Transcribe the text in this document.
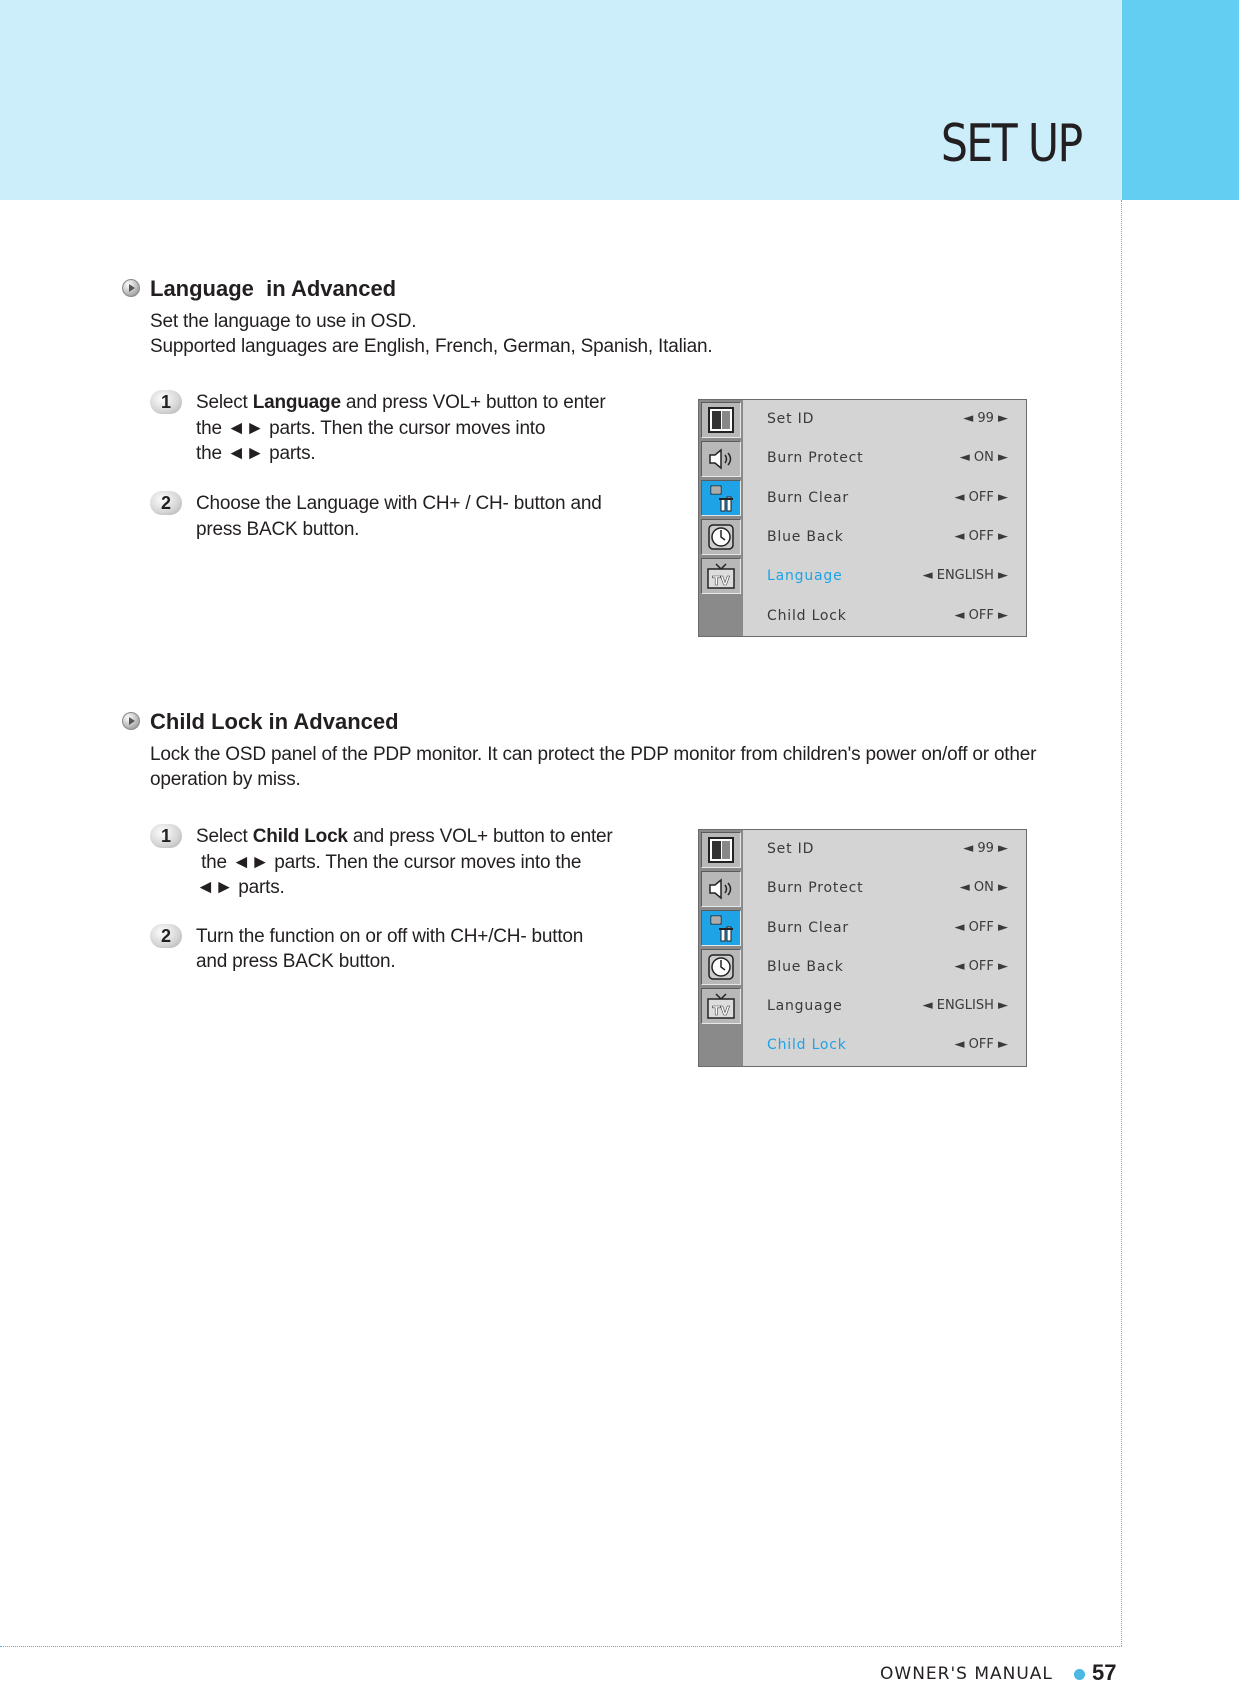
SET UP
Language  in Advanced
Set the language to use in OSD.
Supported languages are English, French, German, Spanish, Italian.
1	Select Language and press VOL+ button to enter
the ◄► parts. Then the cursor moves into
the ◄► parts.
2	Choose the Language with CH+ / CH- button and
press BACK button.
TV
Set ID	◄ 99 ►
Burn Protect	◄ ON ►
Burn Clear	◄ OFF ►
Blue Back	◄ OFF ►
Language	◄ ENGLISH ►
Child Lock	◄ OFF ►
Child Lock in Advanced
Lock the OSD panel of the PDP monitor. It can protect the PDP monitor from children's power on/off or other
operation by miss.
1	Select Child Lock and press VOL+ button to enter
the ◄► parts. Then the cursor moves into the
◄► parts.
2	Turn the function on or off with CH+/CH- button
and press BACK button.
TV
Set ID	◄ 99 ►
Burn Protect	◄ ON ►
Burn Clear	◄ OFF ►
Blue Back	◄ OFF ►
Language	◄ ENGLISH ►
Child Lock	◄ OFF ►
OWNER'S MANUAL 57
